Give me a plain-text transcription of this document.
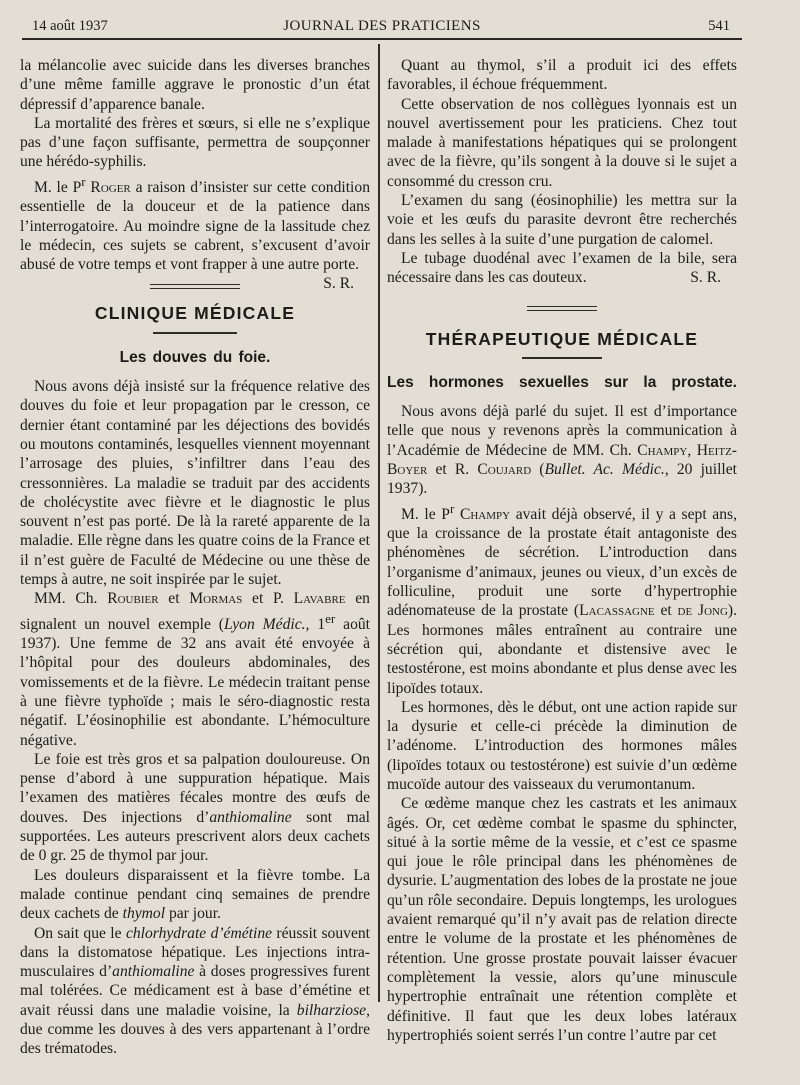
14 août 1937	JOURNAL DES PRATICIENS	541

la mélancolie avec suicide dans les diverses branches d’une même famille aggrave le pronostic d’un état dépressif d’apparence banale.

La mortalité des frères et sœurs, si elle ne s’explique pas d’une façon suffisante, permettra de soupçonner une hérédo-syphilis.

M. le $P^r$ Roger a raison d’insister sur cette condition essentielle de la douceur et de la patience dans l’interrogatoire. Au moindre signe de la lassitude chez le médecin, ces sujets se cabrent, s’excusent d’avoir abusé de votre temps et vont frapper à une autre porte.
S. R.

CLINIQUE MÉDICALE
Les douves du foie.

Nous avons déjà insisté sur la fréquence relative des douves du foie et leur propagation par le cresson, ce dernier étant contaminé par les déjections des bovidés ou moutons contaminés, lesquelles viennent moyennant l’arrosage des pluies, s’infiltrer dans l’eau des cressonnières. La maladie se traduit par des accidents de cholécystite avec fièvre et le diagnostic le plus souvent n’est pas porté. De là la rareté apparente de la maladie. Elle règne dans les quatre coins de la France et il n’est guère de Faculté de Médecine ou une thèse de temps à autre, ne soit inspirée par le sujet.

MM. Ch. Roubier et Mormas et P. Lavabre en signalent un nouvel exemple (Lyon Médic., 1er août 1937). Une femme de 32 ans avait été envoyée à l’hôpital pour des douleurs abdominales, des vomissements et de la fièvre. Le médecin traitant pense à une fièvre typhoïde ; mais le séro-diagnostic resta négatif. L’éosinophilie est abondante. L’hémoculture négative.

Le foie est très gros et sa palpation douloureuse. On pense d’abord à une suppuration hépatique. Mais l’examen des matières fécales montre des œufs de douves. Des injections d’anthiomaline sont mal supportées. Les auteurs prescrivent alors deux cachets de 0 gr. 25 de thymol par jour.

Les douleurs disparaissent et la fièvre tombe. La malade continue pendant cinq semaines de prendre deux cachets de thymol par jour.

On sait que le chlorhydrate d’émétine réussit souvent dans la distomatose hépatique. Les injections intra-musculaires d’anthiomaline à doses progressives furent mal tolérées. Ce médicament est à base d’émétine et avait réussi dans une maladie voisine, la bilharziose, due comme les douves à des vers appartenant à l’ordre des trématodes.

Quant au thymol, s’il a produit ici des effets favorables, il échoue fréquemment.

Cette observation de nos collègues lyonnais est un nouvel avertissement pour les praticiens. Chez tout malade à manifestations hépatiques qui se prolongent avec de la fièvre, qu’ils songent à la douve si le sujet a consommé du cresson cru.

L’examen du sang (éosinophilie) les mettra sur la voie et les œufs du parasite devront être recherchés dans les selles à la suite d’une purgation de calomel.

Le tubage duodénal avec l’examen de la bile, sera nécessaire dans les cas douteux.	S. R.

THÉRAPEUTIQUE MÉDICALE
Les hormones sexuelles sur la prostate.

Nous avons déjà parlé du sujet. Il est d’importance telle que nous y revenons après la communication à l’Académie de Médecine de MM. Ch. Champy, Heitz-Boyer et R. Coujard (Bullet. Ac. Médic., 20 juillet 1937).

M. le $P^r$ Champy avait déjà observé, il y a sept ans, que la croissance de la prostate était antagoniste des phénomènes de sécrétion. L’introduction dans l’organisme d’animaux, jeunes ou vieux, d’un excès de folliculine, produit une sorte d’hypertrophie adénomateuse de la prostate (Lacassagne et de Jong). Les hormones mâles entraînent au contraire une sécrétion qui, abondante et distensive avec le testostérone, est moins abondante et plus dense avec les lipoïdes totaux.

Les hormones, dès le début, ont une action rapide sur la dysurie et celle-ci précède la diminution de l’adénome. L’introduction des hormones mâles (lipoïdes totaux ou testostérone) est suivie d’un œdème mucoïde autour des vaisseaux du verumontanum.

Ce œdème manque chez les castrats et les animaux âgés. Or, cet œdème combat le spasme du sphincter, situé à la sortie même de la vessie, et c’est ce spasme qui joue le rôle principal dans les phénomènes de dysurie. L’augmentation des lobes de la prostate ne joue qu’un rôle secondaire. Depuis longtemps, les urologues avaient remarqué qu’il n’y avait pas de relation directe entre le volume de la prostate et les phénomènes de rétention. Une grosse prostate pouvait laisser évacuer complètement la vessie, alors qu’une minuscule hypertrophie entraînait une rétention complète et définitive. Il faut que les deux lobes latéraux hypertrophiés soient serrés l’un contre l’autre par cet
